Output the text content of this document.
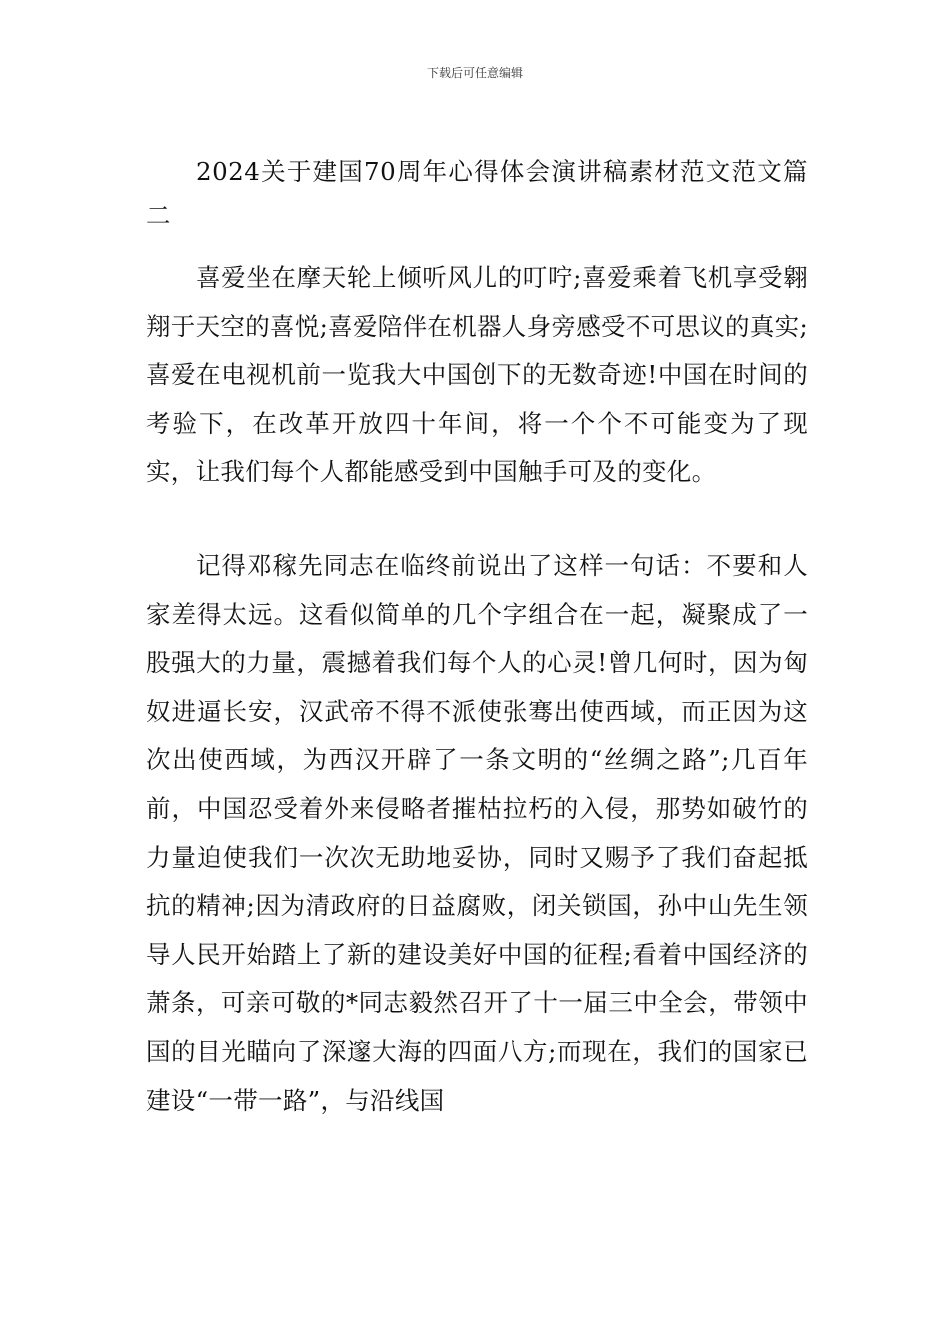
下载后可任意编辑
2024关于建国70周年心得体会演讲稿素材范文范文篇二

喜爱坐在摩天轮上倾听风儿的叮咛;喜爱乘着飞机享受翱翔于天空的喜悦;喜爱陪伴在机器人身旁感受不可思议的真实;喜爱在电视机前一览我大中国创下的无数奇迹!中国在时间的考验下，在改革开放四十年间，将一个个不可能变为了现实，让我们每个人都能感受到中国触手可及的变化。

记得邓稼先同志在临终前说出了这样一句话：不要和人家差得太远。这看似简单的几个字组合在一起，凝聚成了一股强大的力量，震撼着我们每个人的心灵!曾几何时，因为匈奴进逼长安，汉武帝不得不派使张骞出使西域，而正因为这次出使西域，为西汉开辟了一条文明的“丝绸之路”;几百年前，中国忍受着外来侵略者摧枯拉朽的入侵，那势如破竹的力量迫使我们一次次无助地妥协，同时又赐予了我们奋起抵抗的精神;因为清政府的日益腐败，闭关锁国，孙中山先生领导人民开始踏上了新的建设美好中国的征程;看着中国经济的萧条，可亲可敬的*同志毅然召开了十一届三中全会，带领中国的目光瞄向了深邃大海的四面八方;而现在，我们的国家已建设“一带一路”，与沿线国
